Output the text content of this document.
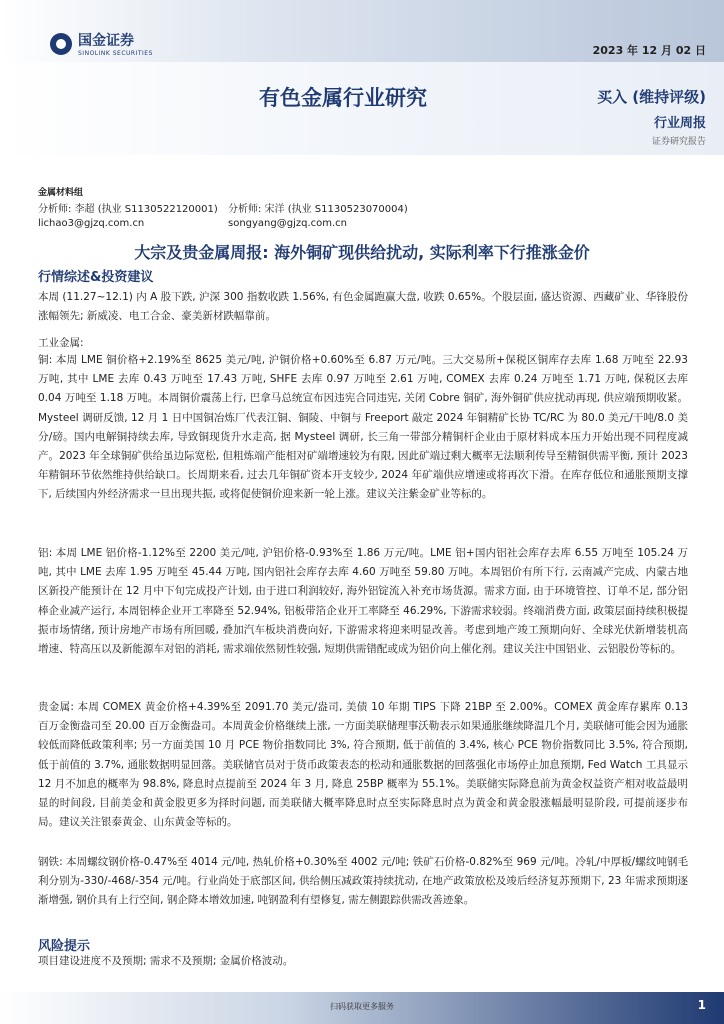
国金证券
SINOLINK SECURITIES	2023 年 12 月 02 日
有色金属行业研究	买入 (维持评级)
行业周报
证券研究报告
金属材料组
分析师: 李超 (执业 S1130522120001)
lichao3@gjzq.com.cn
分析师: 宋洋 (执业 S1130523070004)
songyang@gjzq.com.cn
大宗及贵金属周报: 海外铜矿现供给扰动, 实际利率下行推涨金价
行情综述&投资建议

本周 (11.27~12.1) 内 A 股下跌, 沪深 300 指数收跌 1.56%, 有色金属跑赢大盘, 收跌 0.65%。个股层面, 盛达资源、西藏矿业、华锋股份涨幅领先; 新威凌、电工合金、豪美新材跌幅靠前。

工业金属:

铜: 本周 LME 铜价格+2.19%至 8625 美元/吨, 沪铜价格+0.60%至 6.87 万元/吨。三大交易所+保税区铜库存去库 1.68 万吨至 22.93 万吨, 其中 LME 去库 0.43 万吨至 17.43 万吨, SHFE 去库 0.97 万吨至 2.61 万吨, COMEX 去库 0.24 万吨至 1.71 万吨, 保税区去库 0.04 万吨至 1.18 万吨。本周铜价震荡上行, 巴拿马总统宣布因违宪合同违宪, 关闭 Cobre 铜矿, 海外铜矿供应扰动再现, 供应端预期收紧。Mysteel 调研反馈, 12 月 1 日中国铜冶炼厂代表江铜、铜陵、中铜与 Freeport 敲定 2024 年铜精矿长协 TC/RC 为 80.0 美元/干吨/8.0 美分/磅。国内电解铜持续去库, 导致铜现货升水走高, 据 Mysteel 调研, 长三角一带部分精铜杆企业由于原材料成本压力开始出现不同程度减产。2023 年全球铜矿供给虽边际宽松, 但粗炼端产能相对矿端增速较为有限, 因此矿端过剩大概率无法顺利传导至精铜供需平衡, 预计 2023 年精铜环节依然维持供给缺口。长周期来看, 过去几年铜矿资本开支较少, 2024 年矿端供应增速或将再次下滑。在库存低位和通胀预期支撑下, 后续国内外经济需求一旦出现共振, 或将促使铜价迎来新一轮上涨。建议关注紫金矿业等标的。

铝: 本周 LME 铝价格-1.12%至 2200 美元/吨, 沪铝价格-0.93%至 1.86 万元/吨。LME 铝+国内铝社会库存去库 6.55 万吨至 105.24 万吨, 其中 LME 去库 1.95 万吨至 45.44 万吨, 国内铝社会库存去库 4.60 万吨至 59.80 万吨。本周铝价有所下行, 云南减产完成、内蒙古地区新投产能预计在 12 月中下旬完成投产计划, 由于进口利润较好, 海外铝锭流入补充市场货源。需求方面, 由于环境管控、订单不足, 部分铝棒企业减产运行, 本周铝棒企业开工率降至 52.94%, 铝板带箔企业开工率降至 46.29%, 下游需求较弱。终端消费方面, 政策层面持续积极提振市场情绪, 预计房地产市场有所回暖, 叠加汽车板块消费向好, 下游需求将迎来明显改善。考虑到地产竣工预期向好、全球光伏新增装机高增速、特高压以及新能源车对铝的消耗, 需求端依然韧性较强, 短期供需错配或成为铝价向上催化剂。建议关注中国铝业、云铝股份等标的。

贵金属: 本周 COMEX 黄金价格+4.39%至 2091.70 美元/盎司, 美债 10 年期 TIPS 下降 21BP 至 2.00%。COMEX 黄金库存累库 0.13 百万金衡盎司至 20.00 百万金衡盎司。本周黄金价格继续上涨, 一方面美联储理事沃勒表示如果通胀继续降温几个月, 美联储可能会因为通胀较低而降低政策利率; 另一方面美国 10 月 PCE 物价指数同比 3%, 符合预期, 低于前值的 3.4%, 核心 PCE 物价指数同比 3.5%, 符合预期, 低于前值的 3.7%, 通胀数据明显回落。美联储官员对于货币政策表态的松动和通胀数据的回落强化市场停止加息预期, Fed Watch 工具显示 12 月不加息的概率为 98.8%, 降息时点提前至 2024 年 3 月, 降息 25BP 概率为 55.1%。美联储实际降息前为黄金权益资产相对收益最明显的时间段, 目前美金和黄金股更多为择时问题, 而美联储大概率降息时点至实际降息时点为黄金和黄金股涨幅最明显阶段, 可提前逐步布局。建议关注银泰黄金、山东黄金等标的。

钢铁: 本周螺纹钢价格-0.47%至 4014 元/吨, 热轧价格+0.30%至 4002 元/吨; 铁矿石价格-0.82%至 969 元/吨。冷轧/中厚板/螺纹吨钢毛利分别为-330/-468/-354 元/吨。行业尚处于底部区间, 供给侧压减政策持续扰动, 在地产政策放松及竣后经济复苏预期下, 23 年需求预期逐渐增强, 钢价具有上行空间, 钢企降本增效加速, 吨钢盈利有望修复, 需左侧跟踪供需改善迹象。

风险提示

项目建设进度不及预期; 需求不及预期; 金属价格波动。

扫码获取更多服务	1
